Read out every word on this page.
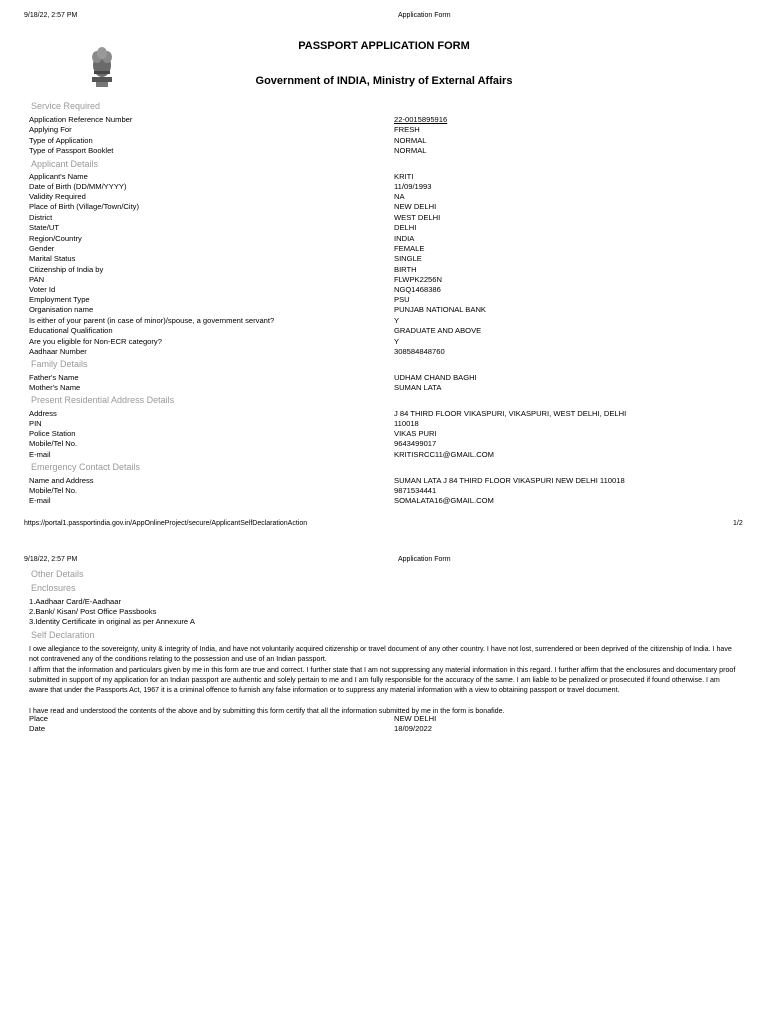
9/18/22, 2:57 PM	Application Form
PASSPORT APPLICATION FORM
Government of INDIA, Ministry of External Affairs
Service Required
Application Reference Number	22-0015895916
Applying For	FRESH
Type of Application	NORMAL
Type of Passport Booklet	NORMAL
Applicant Details
Applicant's Name	KRITI
Date of Birth (DD/MM/YYYY)	11/09/1993
Validity Required	NA
Place of Birth (Village/Town/City)	NEW DELHI
District	WEST DELHI
State/UT	DELHI
Region/Country	INDIA
Gender	FEMALE
Marital Status	SINGLE
Citizenship of India by	BIRTH
PAN	FLWPK2256N
Voter Id	NGQ1468386
Employment Type	PSU
Organisation name	PUNJAB NATIONAL BANK
Is either of your parent (in case of minor)/spouse, a government servant?	Y
Educational Qualification	GRADUATE AND ABOVE
Are you eligible for Non-ECR category?	Y
Aadhaar Number	308584848760
Family Details
Father's Name	UDHAM CHAND BAGHI
Mother's Name	SUMAN LATA
Present Residential Address Details
Address	J 84 THIRD FLOOR VIKASPURI, VIKASPURI, WEST DELHI, DELHI
PIN	110018
Police Station	VIKAS PURI
Mobile/Tel No.	9643499017
E-mail	KRITISRCC11@GMAIL.COM
Emergency Contact Details
Name and Address	SUMAN LATA J 84 THIRD FLOOR VIKASPURI NEW DELHI 110018
Mobile/Tel No.	9871534441
E-mail	SOMALATA16@GMAIL.COM
https://portal1.passportindia.gov.in/AppOnlineProject/secure/ApplicantSelfDeclarationAction	1/2
9/18/22, 2:57 PM	Application Form
Other Details
Enclosures
1.Aadhaar Card/E-Aadhaar
2.Bank/ Kisan/ Post Office Passbooks
3.Identity Certificate in original as per Annexure A
Self Declaration
I owe allegiance to the sovereignty, unity & integrity of India, and have not voluntarily acquired citizenship or travel document of any other country. I have not lost, surrendered or been deprived of the citizenship of India. I have not contravened any of the conditions relating to the possession and use of an Indian passport.
I affirm that the information and particulars given by me in this form are true and correct. I further state that I am not suppressing any material information in this regard. I further affirm that the enclosures and documentary proof submitted in support of my application for an Indian passport are authentic and solely pertain to me and I am fully responsible for the accuracy of the same. I am liable to be penalized or prosecuted if found otherwise. I am aware that under the Passports Act, 1967 it is a criminal offence to furnish any false information or to suppress any material information with a view to obtaining passport or travel document.
I have read and understood the contents of the above and by submitting this form certify that all the information submitted by me in the form is bonafide.
Place	NEW DELHI
Date	18/09/2022
